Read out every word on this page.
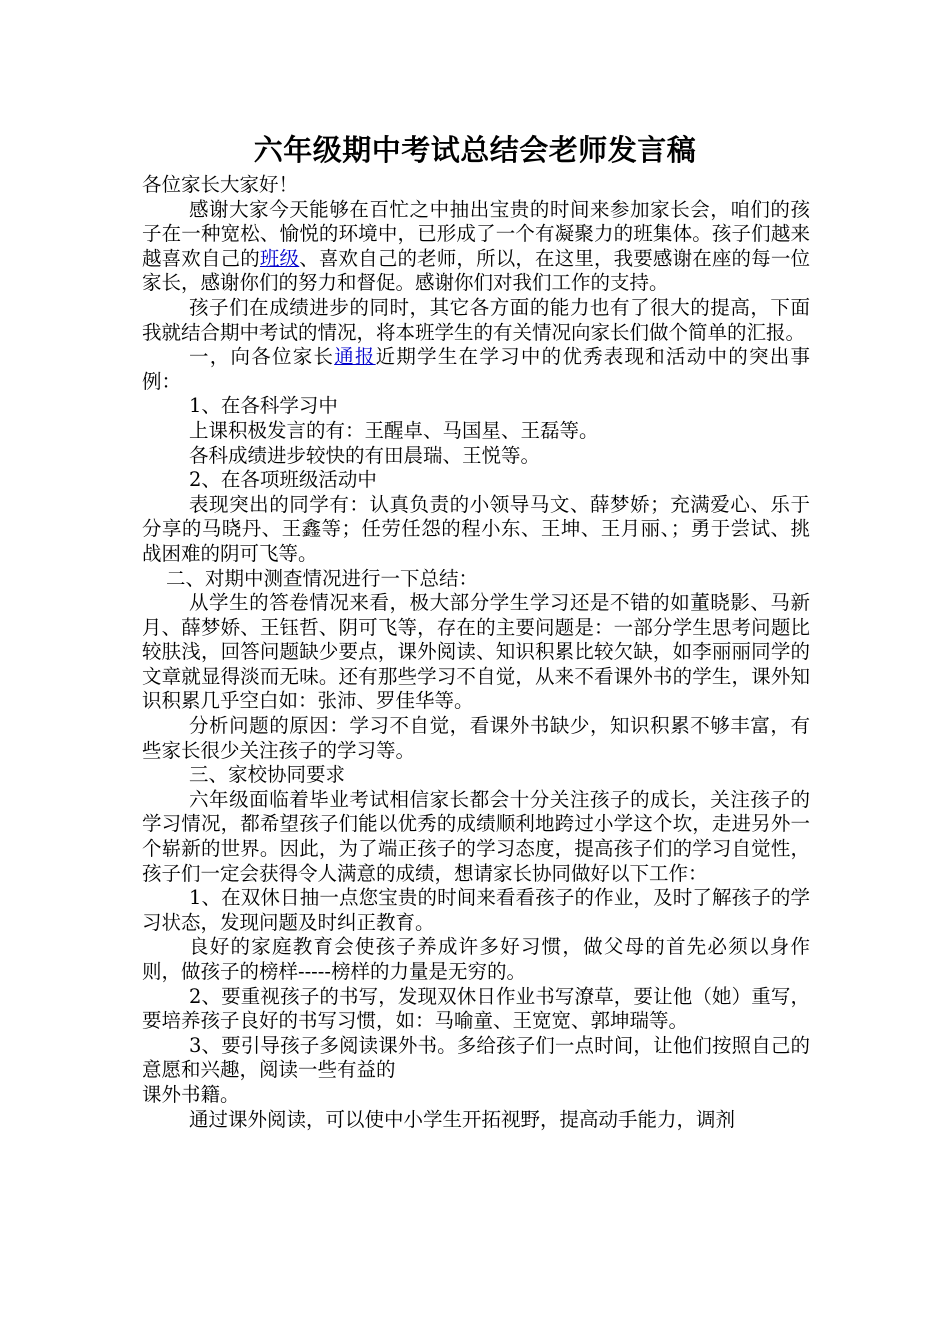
六年级期中考试总结会老师发言稿

各位家长大家好！

感谢大家今天能够在百忙之中抽出宝贵的时间来参加家长会，咱们的孩子在一种宽松、愉悦的环境中，已形成了一个有凝聚力的班集体。孩子们越来越喜欢自己的班级、喜欢自己的老师，所以，在这里，我要感谢在座的每一位家长，感谢你们的努力和督促。感谢你们对我们工作的支持。

孩子们在成绩进步的同时，其它各方面的能力也有了很大的提高，下面我就结合期中考试的情况，将本班学生的有关情况向家长们做个简单的汇报。

一，向各位家长通报近期学生在学习中的优秀表现和活动中的突出事例：

1、在各科学习中

上课积极发言的有：王醒卓、马国星、王磊等。

各科成绩进步较快的有田晨瑞、王悦等。

2、在各项班级活动中

表现突出的同学有：认真负责的小领导马文、薛梦娇；充满爱心、乐于分享的马晓丹、王鑫等；任劳任怨的程小东、王坤、王月丽、；勇于尝试、挑战困难的阴可飞等。

二、对期中测查情况进行一下总结：

从学生的答卷情况来看，极大部分学生学习还是不错的如董晓影、马新月、薛梦娇、王钰哲、阴可飞等，存在的主要问题是：一部分学生思考问题比较肤浅，回答问题缺少要点，课外阅读、知识积累比较欠缺，如李丽丽同学的文章就显得淡而无味。还有那些学习不自觉，从来不看课外书的学生，课外知识积累几乎空白如：张沛、罗佳华等。

分析问题的原因：学习不自觉，看课外书缺少，知识积累不够丰富，有些家长很少关注孩子的学习等。

三、家校协同要求

六年级面临着毕业考试相信家长都会十分关注孩子的成长，关注孩子的学习情况，都希望孩子们能以优秀的成绩顺利地跨过小学这个坎，走进另外一个崭新的世界。因此，为了端正孩子的学习态度，提高孩子们的学习自觉性，孩子们一定会获得令人满意的成绩，想请家长协同做好以下工作：

1、在双休日抽一点您宝贵的时间来看看孩子的作业，及时了解孩子的学习状态，发现问题及时纠正教育。

良好的家庭教育会使孩子养成许多好习惯，做父母的首先必须以身作则，做孩子的榜样-----榜样的力量是无穷的。

2、要重视孩子的书写，发现双休日作业书写潦草，要让他（她）重写，要培养孩子良好的书写习惯，如：马喻童、王宽宽、郭坤瑞等。

3、要引导孩子多阅读课外书。多给孩子们一点时间，让他们按照自己的意愿和兴趣，阅读一些有益的

课外书籍。

通过课外阅读，可以使中小学生开拓视野，提高动手能力，调剂
